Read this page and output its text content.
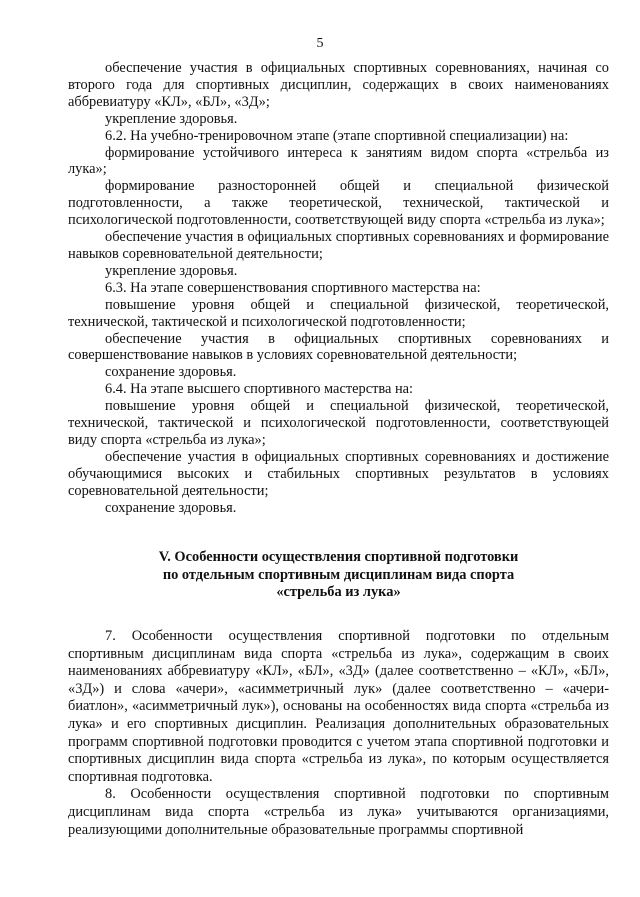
5

обеспечение участия в официальных спортивных соревнованиях, начиная со второго года для спортивных дисциплин, содержащих в своих наименованиях аббревиатуру «КЛ», «БЛ», «3Д»;

укрепление здоровья.

6.2. На учебно-тренировочном этапе (этапе спортивной специализации) на:

формирование устойчивого интереса к занятиям видом спорта «стрельба из лука»;

формирование разносторонней общей и специальной физической подготовленности, а также теоретической, технической, тактической и психологической подготовленности, соответствующей виду спорта «стрельба из лука»;

обеспечение участия в официальных спортивных соревнованиях и формирование навыков соревновательной деятельности;

укрепление здоровья.

6.3. На этапе совершенствования спортивного мастерства на:

повышение уровня общей и специальной физической, теоретической, технической, тактической и психологической подготовленности;

обеспечение участия в официальных спортивных соревнованиях и совершенствование навыков в условиях соревновательной деятельности;

сохранение здоровья.

6.4. На этапе высшего спортивного мастерства на:

повышение уровня общей и специальной физической, теоретической, технической, тактической и психологической подготовленности, соответствующей виду спорта «стрельба из лука»;

обеспечение участия в официальных спортивных соревнованиях и достижение обучающимися высоких и стабильных спортивных результатов в условиях соревновательной деятельности;

сохранение здоровья.

V. Особенности осуществления спортивной подготовки

по отдельным спортивным дисциплинам вида спорта

«стрельба из лука»

7. Особенности осуществления спортивной подготовки по отдельным спортивным дисциплинам вида спорта «стрельба из лука», содержащим в своих наименованиях аббревиатуру «КЛ», «БЛ», «3Д» (далее соответственно – «КЛ», «БЛ», «3Д») и слова «ачери», «асимметричный лук» (далее соответственно – «ачери-биатлон», «асимметричный лук»), основаны на особенностях вида спорта «стрельба из лука» и его спортивных дисциплин. Реализация дополнительных образовательных программ спортивной подготовки проводится с учетом этапа спортивной подготовки и спортивных дисциплин вида спорта «стрельба из лука», по которым осуществляется спортивная подготовка.

8. Особенности осуществления спортивной подготовки по спортивным дисциплинам вида спорта «стрельба из лука» учитываются организациями, реализующими дополнительные образовательные программы спортивной
